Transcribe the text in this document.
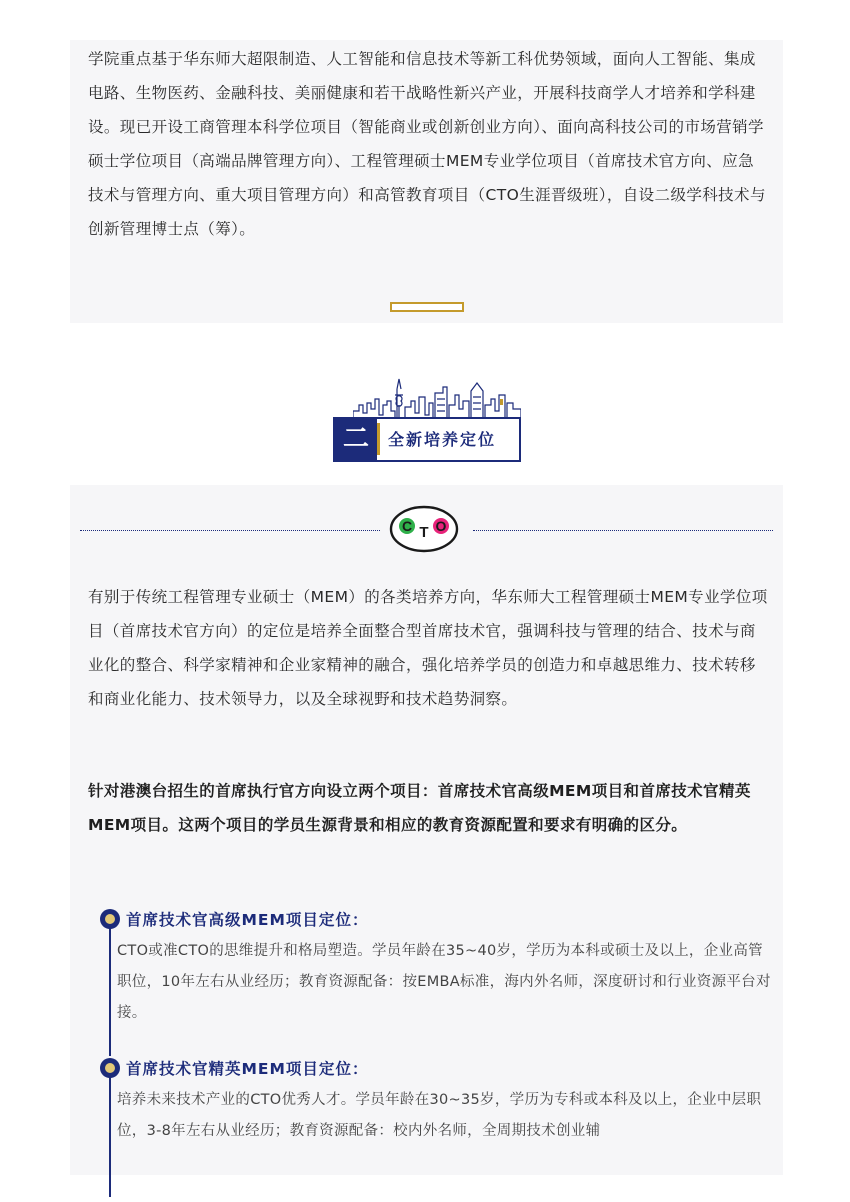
学院重点基于华东师大超限制造、人工智能和信息技术等新工科优势领域，面向人工智能、集成电路、生物医药、金融科技、美丽健康和若干战略性新兴产业，开展科技商学人才培养和学科建设。现已开设工商管理本科学位项目（智能商业或创新创业方向）、面向高科技公司的市场营销学硕士学位项目（高端品牌管理方向）、工程管理硕士MEM专业学位项目（首席技术官方向、应急技术与管理方向、重大项目管理方向）和高管教育项目（CTO生涯晋级班），自设二级学科技术与创新管理博士点（筹）。

二	全新培养定位
C T O

有别于传统工程管理专业硕士（MEM）的各类培养方向，华东师大工程管理硕士MEM专业学位项目（首席技术官方向）的定位是培养全面整合型首席技术官，强调科技与管理的结合、技术与商业化的整合、科学家精神和企业家精神的融合，强化培养学员的创造力和卓越思维力、技术转移和商业化能力、技术领导力，以及全球视野和技术趋势洞察。

针对港澳台招生的首席执行官方向设立两个项目：首席技术官高级MEM项目和首席技术官精英MEM项目。这两个项目的学员生源背景和相应的教育资源配置和要求有明确的区分。

首席技术官高级MEM项目定位：

CTO或准CTO的思维提升和格局塑造。学员年龄在35~40岁，学历为本科或硕士及以上，企业高管职位，10年左右从业经历；教育资源配备：按EMBA标准，海内外名师，深度研讨和行业资源平台对接。

首席技术官精英MEM项目定位：

培养未来技术产业的CTO优秀人才。学员年龄在30~35岁，学历为专科或本科及以上，企业中层职位，3-8年左右从业经历；教育资源配备：校内外名师，全周期技术创业辅
